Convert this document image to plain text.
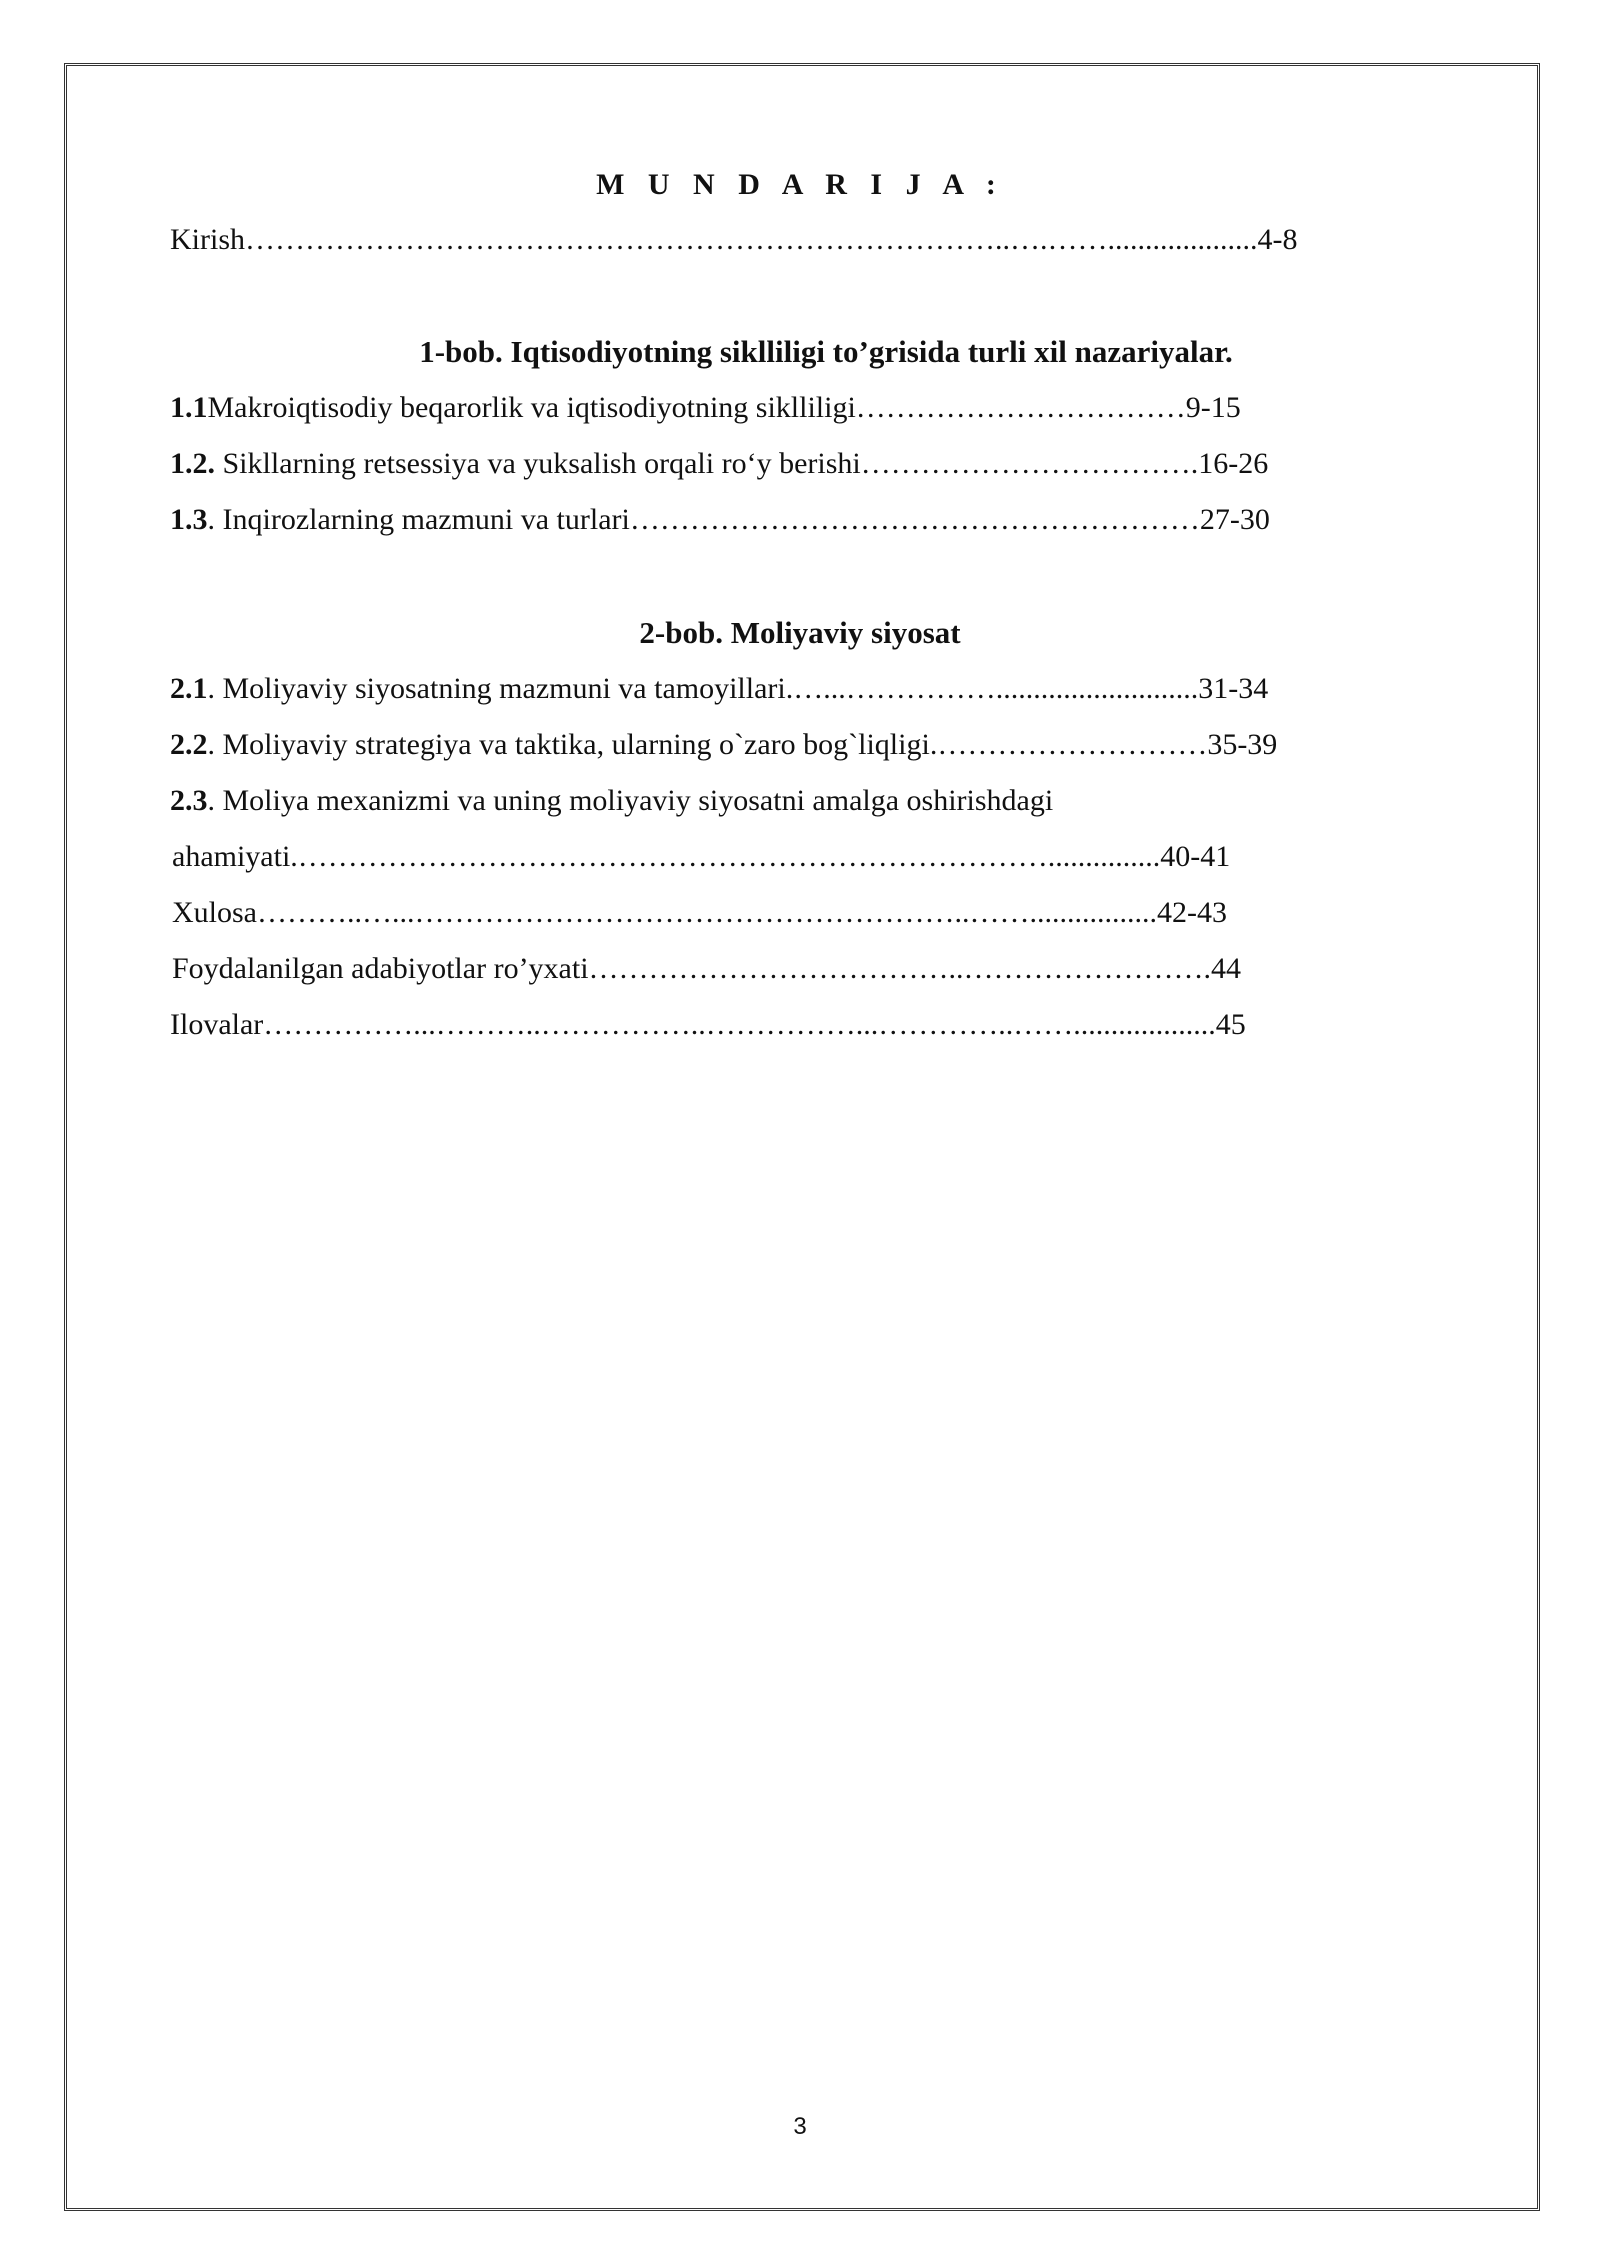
M U N D A R I J A :
Kirish…………………………………………………………………..….……....................4-8
1-bob. Iqtisodiyotning siklliligi to’grisida turli xil nazariyalar.
1.1Makroiqtisodiy beqarorlik va iqtisodiyotning siklliligi……………………………9-15
1.2. Sikllarning retsessiya va yuksalish orqali ro‘y berishi…………………………….16-26
1.3. Inqirozlarning mazmuni va turlari…………………………………………………27-30
2-bob. Moliyaviy siyosat
2.1. Moliyaviy siyosatning mazmuni va tamoyillari.…...……………...........................31-34
2.2. Moliyaviy strategiya va taktika, ularning o`zaro bog`liqligi.………………………35-39
2.3. Moliya mexanizmi va uning moliyaviy siyosatni amalga oshirishdagi
ahamiyati.…………………………………………………………………...............40-41
Xulosa………..…...………………………………………………..…….................42-43
Foydalanilgan adabiyotlar ro’yxati………………………………..…………………….44
Ilovalar……………...………..……………..……………...…………..……...................45
3
